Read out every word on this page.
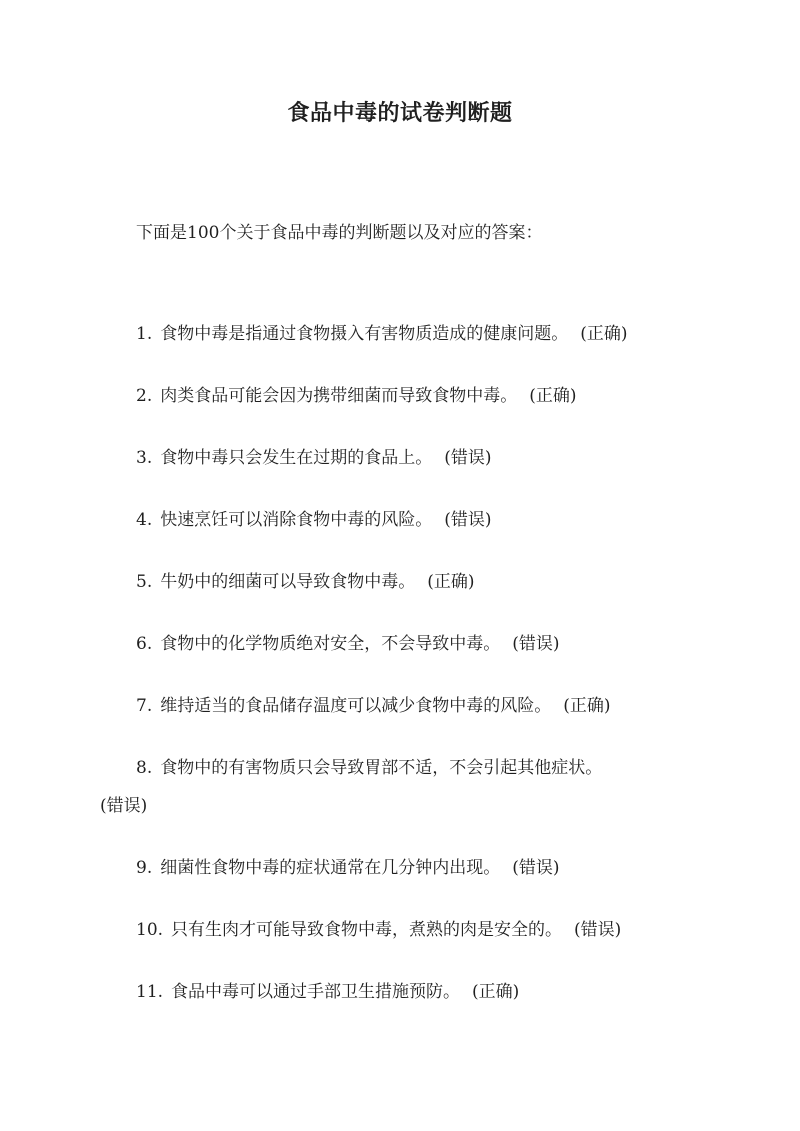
食品中毒的试卷判断题
下面是100个关于食品中毒的判断题以及对应的答案：
1. 食物中毒是指通过食物摄入有害物质造成的健康问题。 (正确)
2. 肉类食品可能会因为携带细菌而导致食物中毒。 (正确)
3. 食物中毒只会发生在过期的食品上。 (错误)
4. 快速烹饪可以消除食物中毒的风险。 (错误)
5. 牛奶中的细菌可以导致食物中毒。 (正确)
6. 食物中的化学物质绝对安全，不会导致中毒。 (错误)
7. 维持适当的食品储存温度可以减少食物中毒的风险。 (正确)
8. 食物中的有害物质只会导致胃部不适，不会引起其他症状。
(错误)
9. 细菌性食物中毒的症状通常在几分钟内出现。 (错误)
10. 只有生肉才可能导致食物中毒，煮熟的肉是安全的。 (错误)
11. 食品中毒可以通过手部卫生措施预防。 (正确)
